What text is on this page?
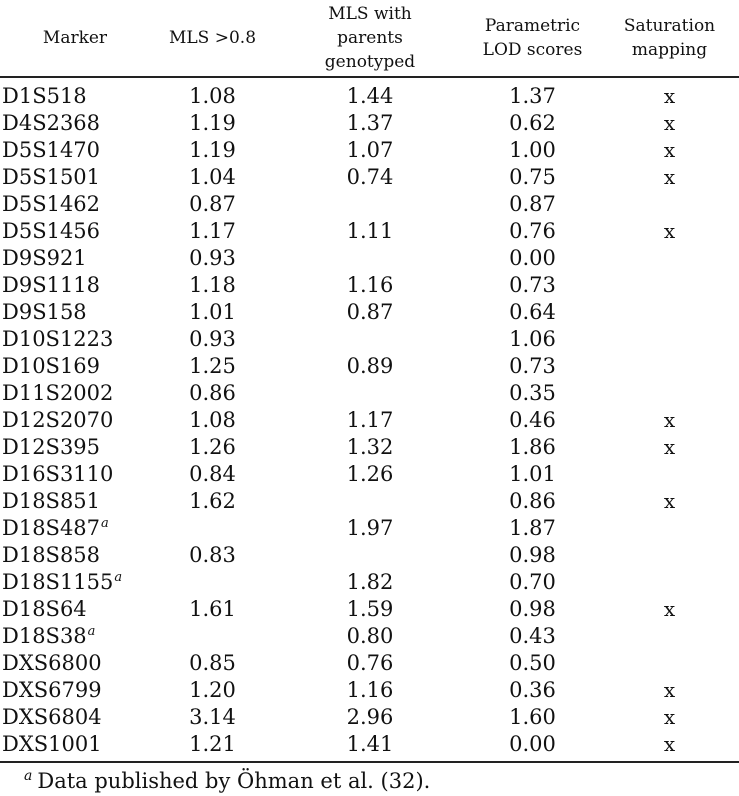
Marker	MLS >0.8	MLS with parents genotyped	Parametric LOD scores	Saturation mapping

D1S518	1.08	1.44	1.37	x
D4S2368	1.19	1.37	0.62	x
D5S1470	1.19	1.07	1.00	x
D5S1501	1.04	0.74	0.75	x
D5S1462	0.87		0.87	
D5S1456	1.17	1.11	0.76	x
D9S921	0.93		0.00	
D9S1118	1.18	1.16	0.73	
D9S158	1.01	0.87	0.64	
D10S1223	0.93		1.06	
D10S169	1.25	0.89	0.73	
D11S2002	0.86		0.35	
D12S2070	1.08	1.17	0.46	x
D12S395	1.26	1.32	1.86	x
D16S3110	0.84	1.26	1.01	
D18S851	1.62		0.86	x
D18S487$^a$		1.97	1.87	
D18S858	0.83		0.98	
D18S1155$^a$		1.82	0.70	
D18S64	1.61	1.59	0.98	x
D18S38$^a$		0.80	0.43	
DXS6800	0.85	0.76	0.50	
DXS6799	1.20	1.16	0.36	x
DXS6804	3.14	2.96	1.60	x
DXS1001	1.21	1.41	0.00	x
$^a$ Data published by Öhman et al. (32).
